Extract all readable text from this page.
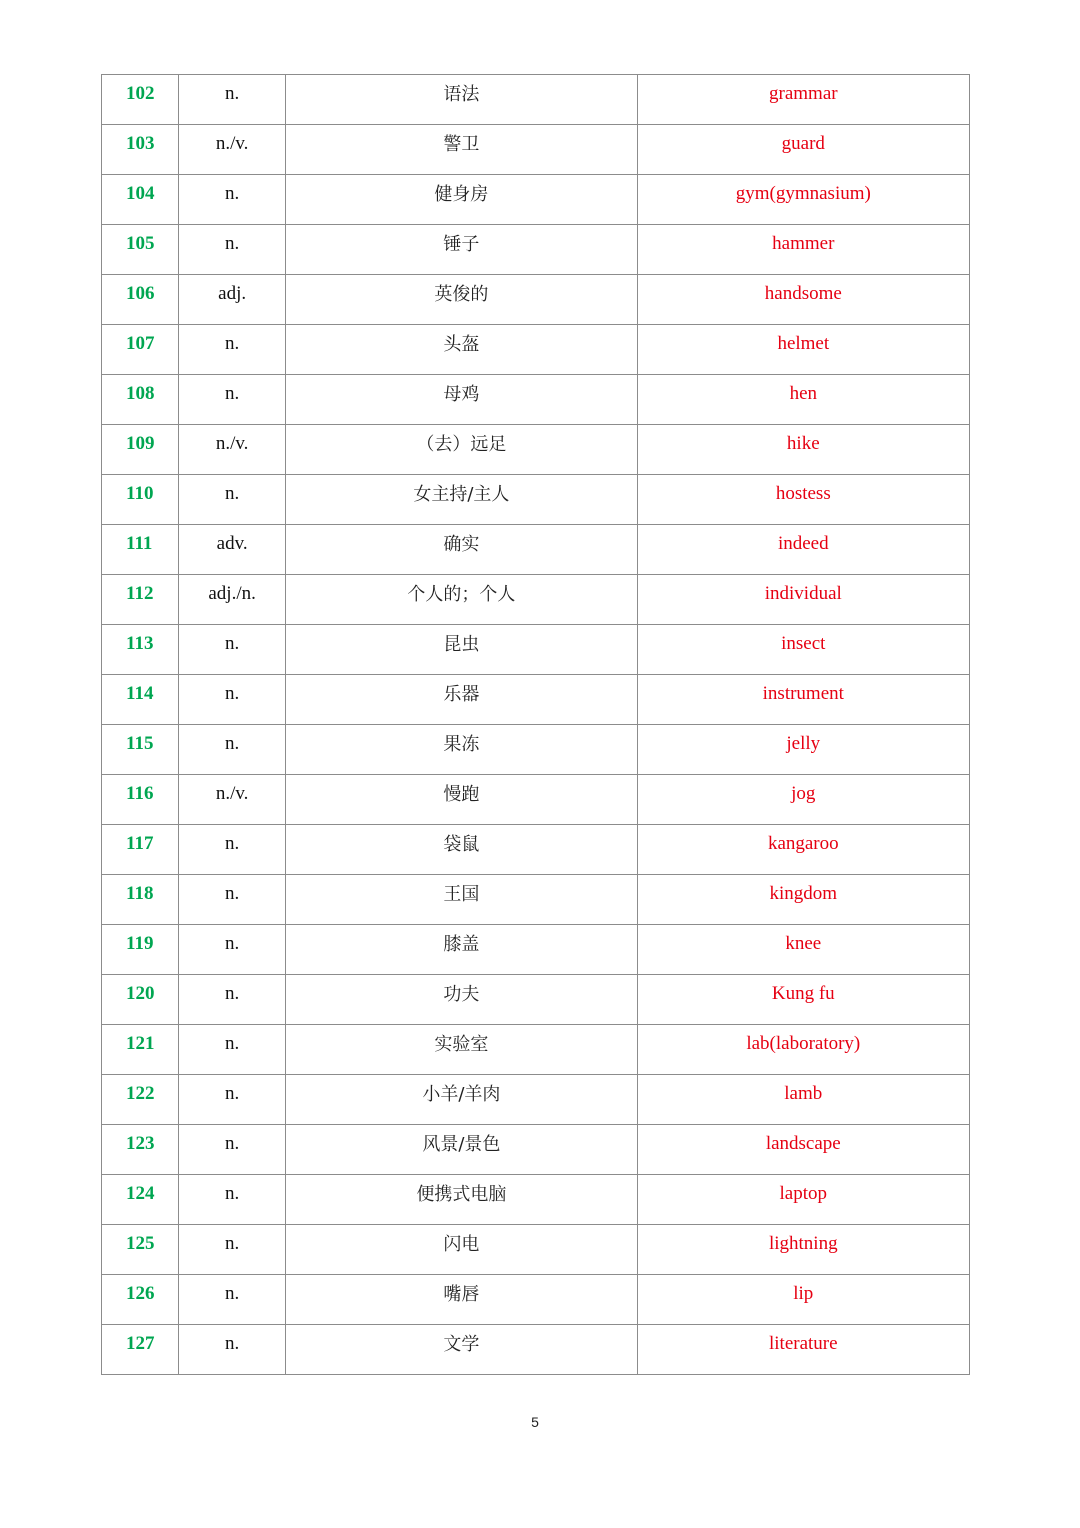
102	n.	语法	grammar

103	n./v.	警卫	guard

104	n.	健身房	gym(gymnasium)

105	n.	锤子	hammer

106	adj.	英俊的	handsome

107	n.	头盔	helmet

108	n.	母鸡	hen

109	n./v.	（去）远足	hike

110	n.	女主持/主人	hostess

111	adv.	确实	indeed

112	adj./n.	个人的；个人	individual

113	n.	昆虫	insect

114	n.	乐器	instrument

115	n.	果冻	jelly

116	n./v.	慢跑	jog

117	n.	袋鼠	kangaroo

118	n.	王国	kingdom

119	n.	膝盖	knee

120	n.	功夫	Kung fu

121	n.	实验室	lab(laboratory)

122	n.	小羊/羊肉	lamb

123	n.	风景/景色	landscape

124	n.	便携式电脑	laptop

125	n.	闪电	lightning

126	n.	嘴唇	lip

127	n.	文学	literature
5
